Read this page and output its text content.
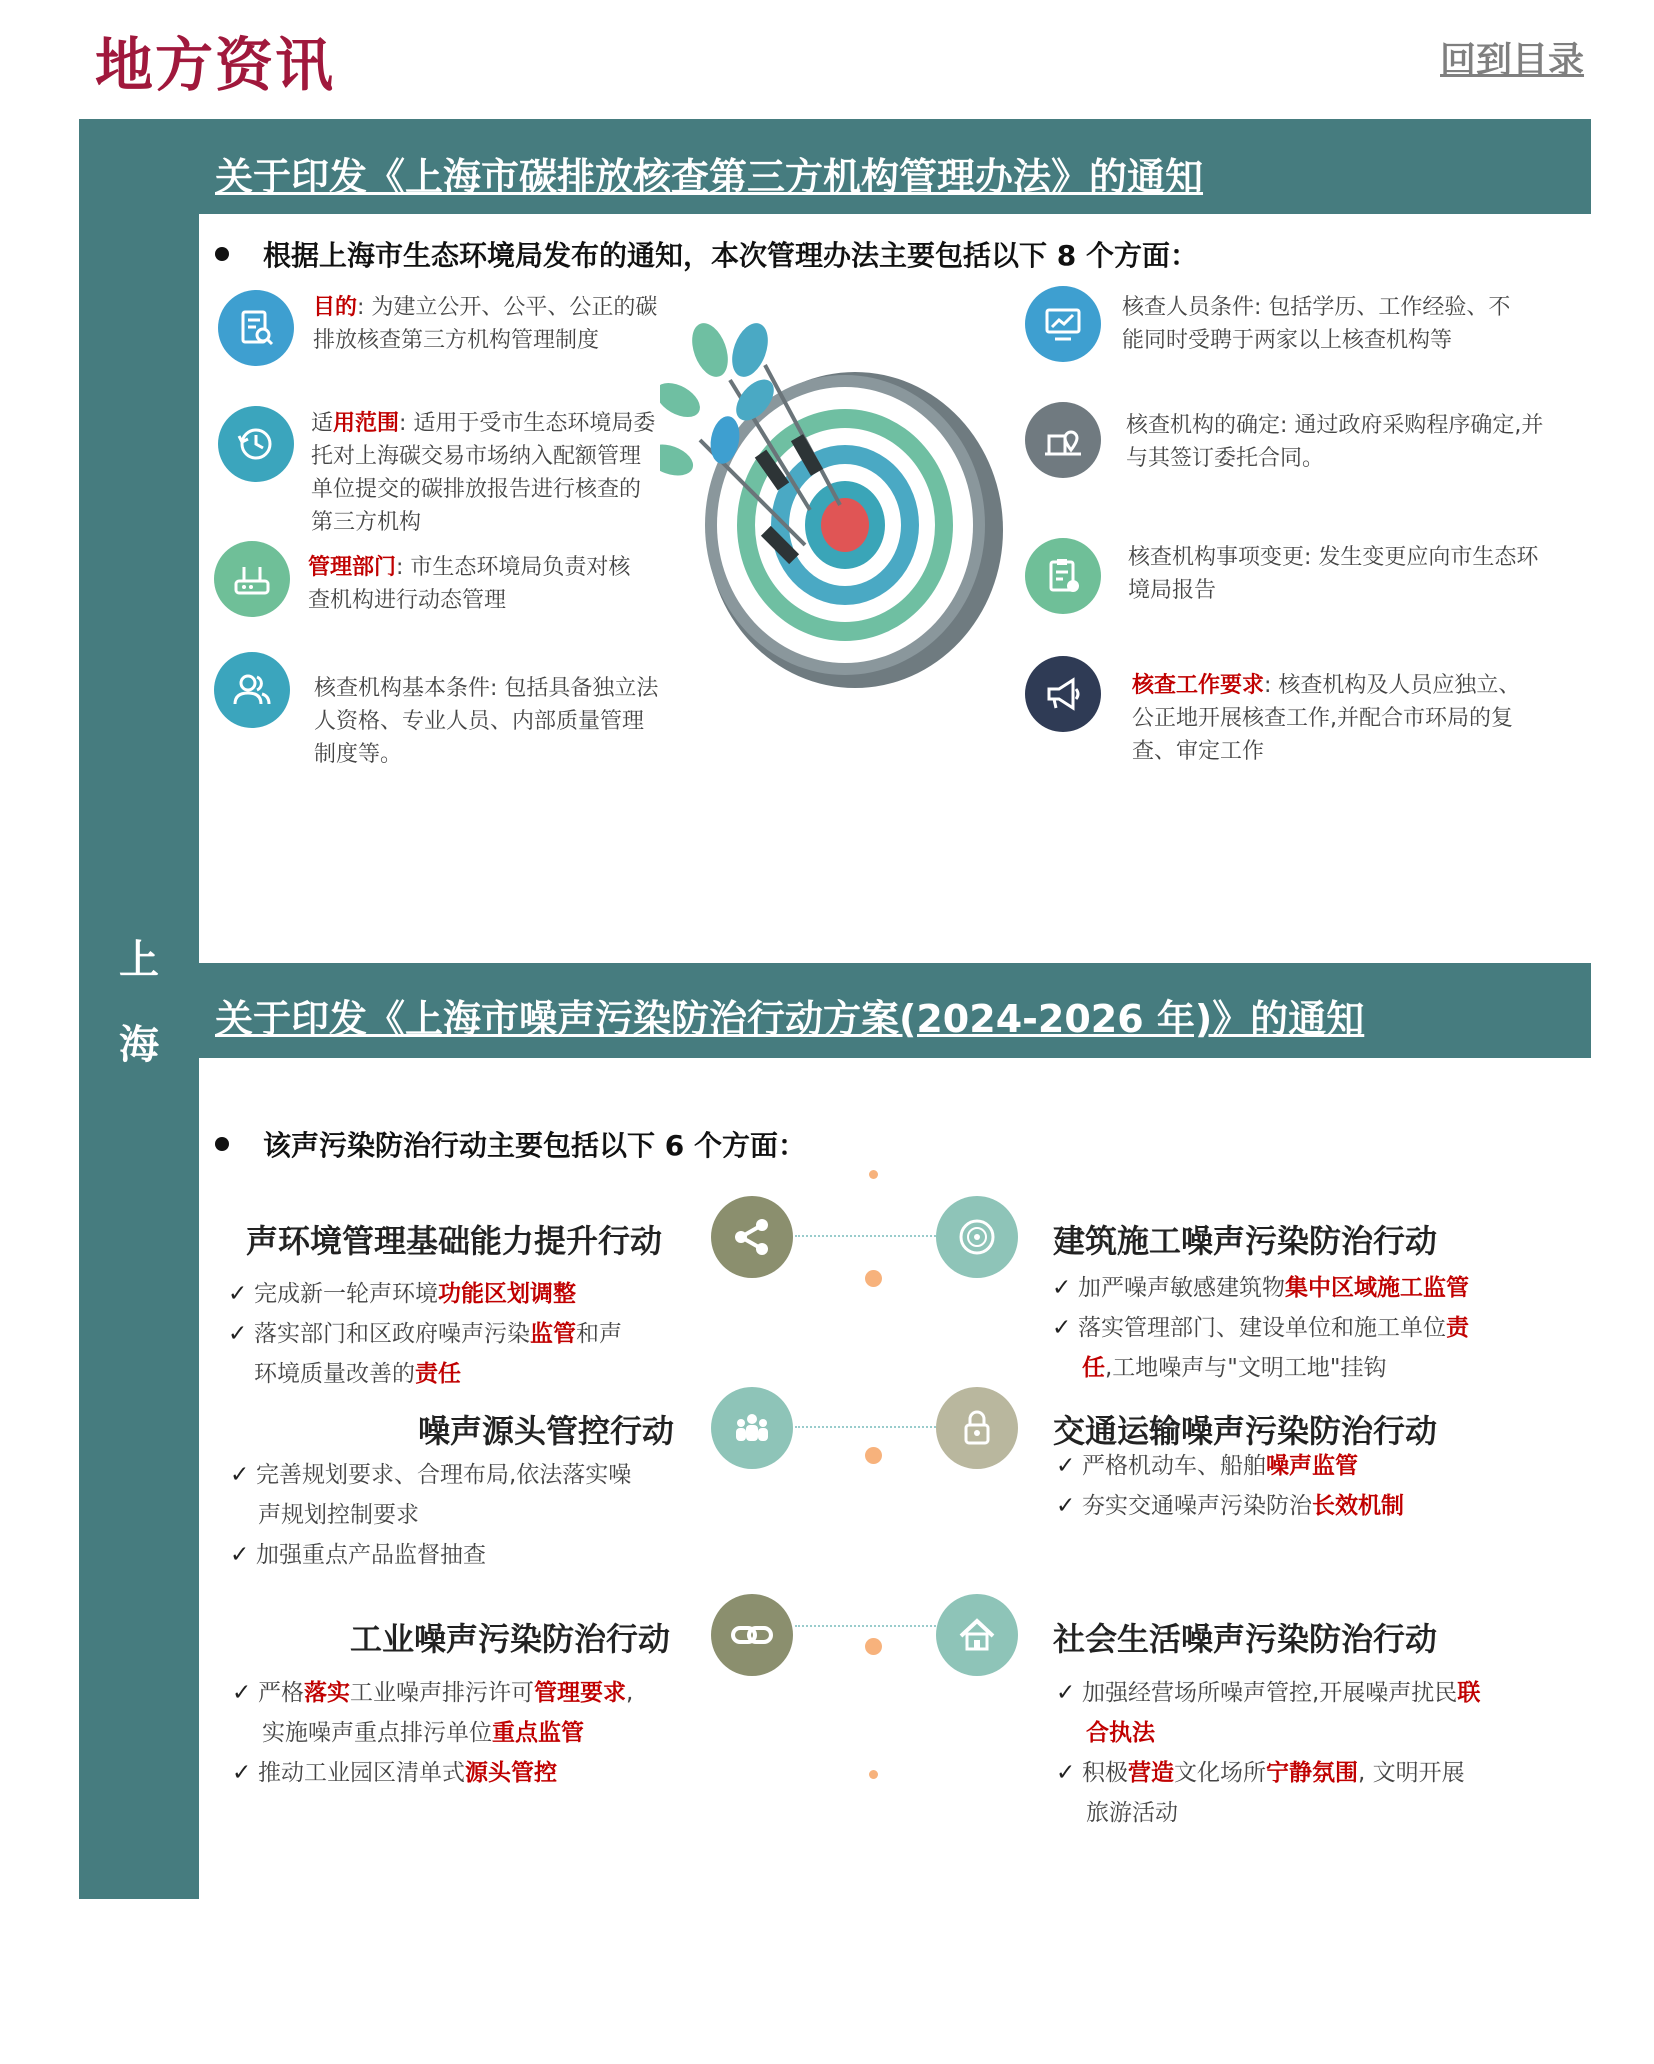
地方资讯	回到目录
上
海
关于印发《上海市碳排放核查第三方机构管理办法》的通知
根据上海市生态环境局发布的通知，本次管理办法主要包括以下 8 个方面：
目的: 为建立公开、公平、公正的碳排放核查第三方机构管理制度
适用范围: 适用于受市生态环境局委托对上海碳交易市场纳入配额管理单位提交的碳排放报告进行核查的第三方机构
管理部门: 市生态环境局负责对核查机构进行动态管理
核查机构基本条件: 包括具备独立法人资格、专业人员、内部质量管理制度等。
核查人员条件: 包括学历、工作经验、不能同时受聘于两家以上核查机构等
核查机构的确定: 通过政府采购程序确定,并与其签订委托合同。
核查机构事项变更: 发生变更应向市生态环境局报告
核查工作要求: 核查机构及人员应独立、公正地开展核查工作,并配合市环局的复查、审定工作
关于印发《上海市噪声污染防治行动方案(2024-2026 年)》的通知
该声污染防治行动主要包括以下 6 个方面：
声环境管理基础能力提升行动
✓ 完成新一轮声环境功能区划调整
✓ 落实部门和区政府噪声污染监管和声
环境质量改善的责任
建筑施工噪声污染防治行动
✓ 加严噪声敏感建筑物集中区域施工监管
✓ 落实管理部门、建设单位和施工单位责
任,工地噪声与"文明工地"挂钩
噪声源头管控行动
✓ 完善规划要求、合理布局,依法落实噪
声规划控制要求
✓ 加强重点产品监督抽查
交通运输噪声污染防治行动
✓ 严格机动车、船舶噪声监管
✓ 夯实交通噪声污染防治长效机制
工业噪声污染防治行动
✓ 严格落实工业噪声排污许可管理要求,
实施噪声重点排污单位重点监管
✓ 推动工业园区清单式源头管控
社会生活噪声污染防治行动
✓ 加强经营场所噪声管控,开展噪声扰民联
合执法
✓ 积极营造文化场所宁静氛围, 文明开展
旅游活动
